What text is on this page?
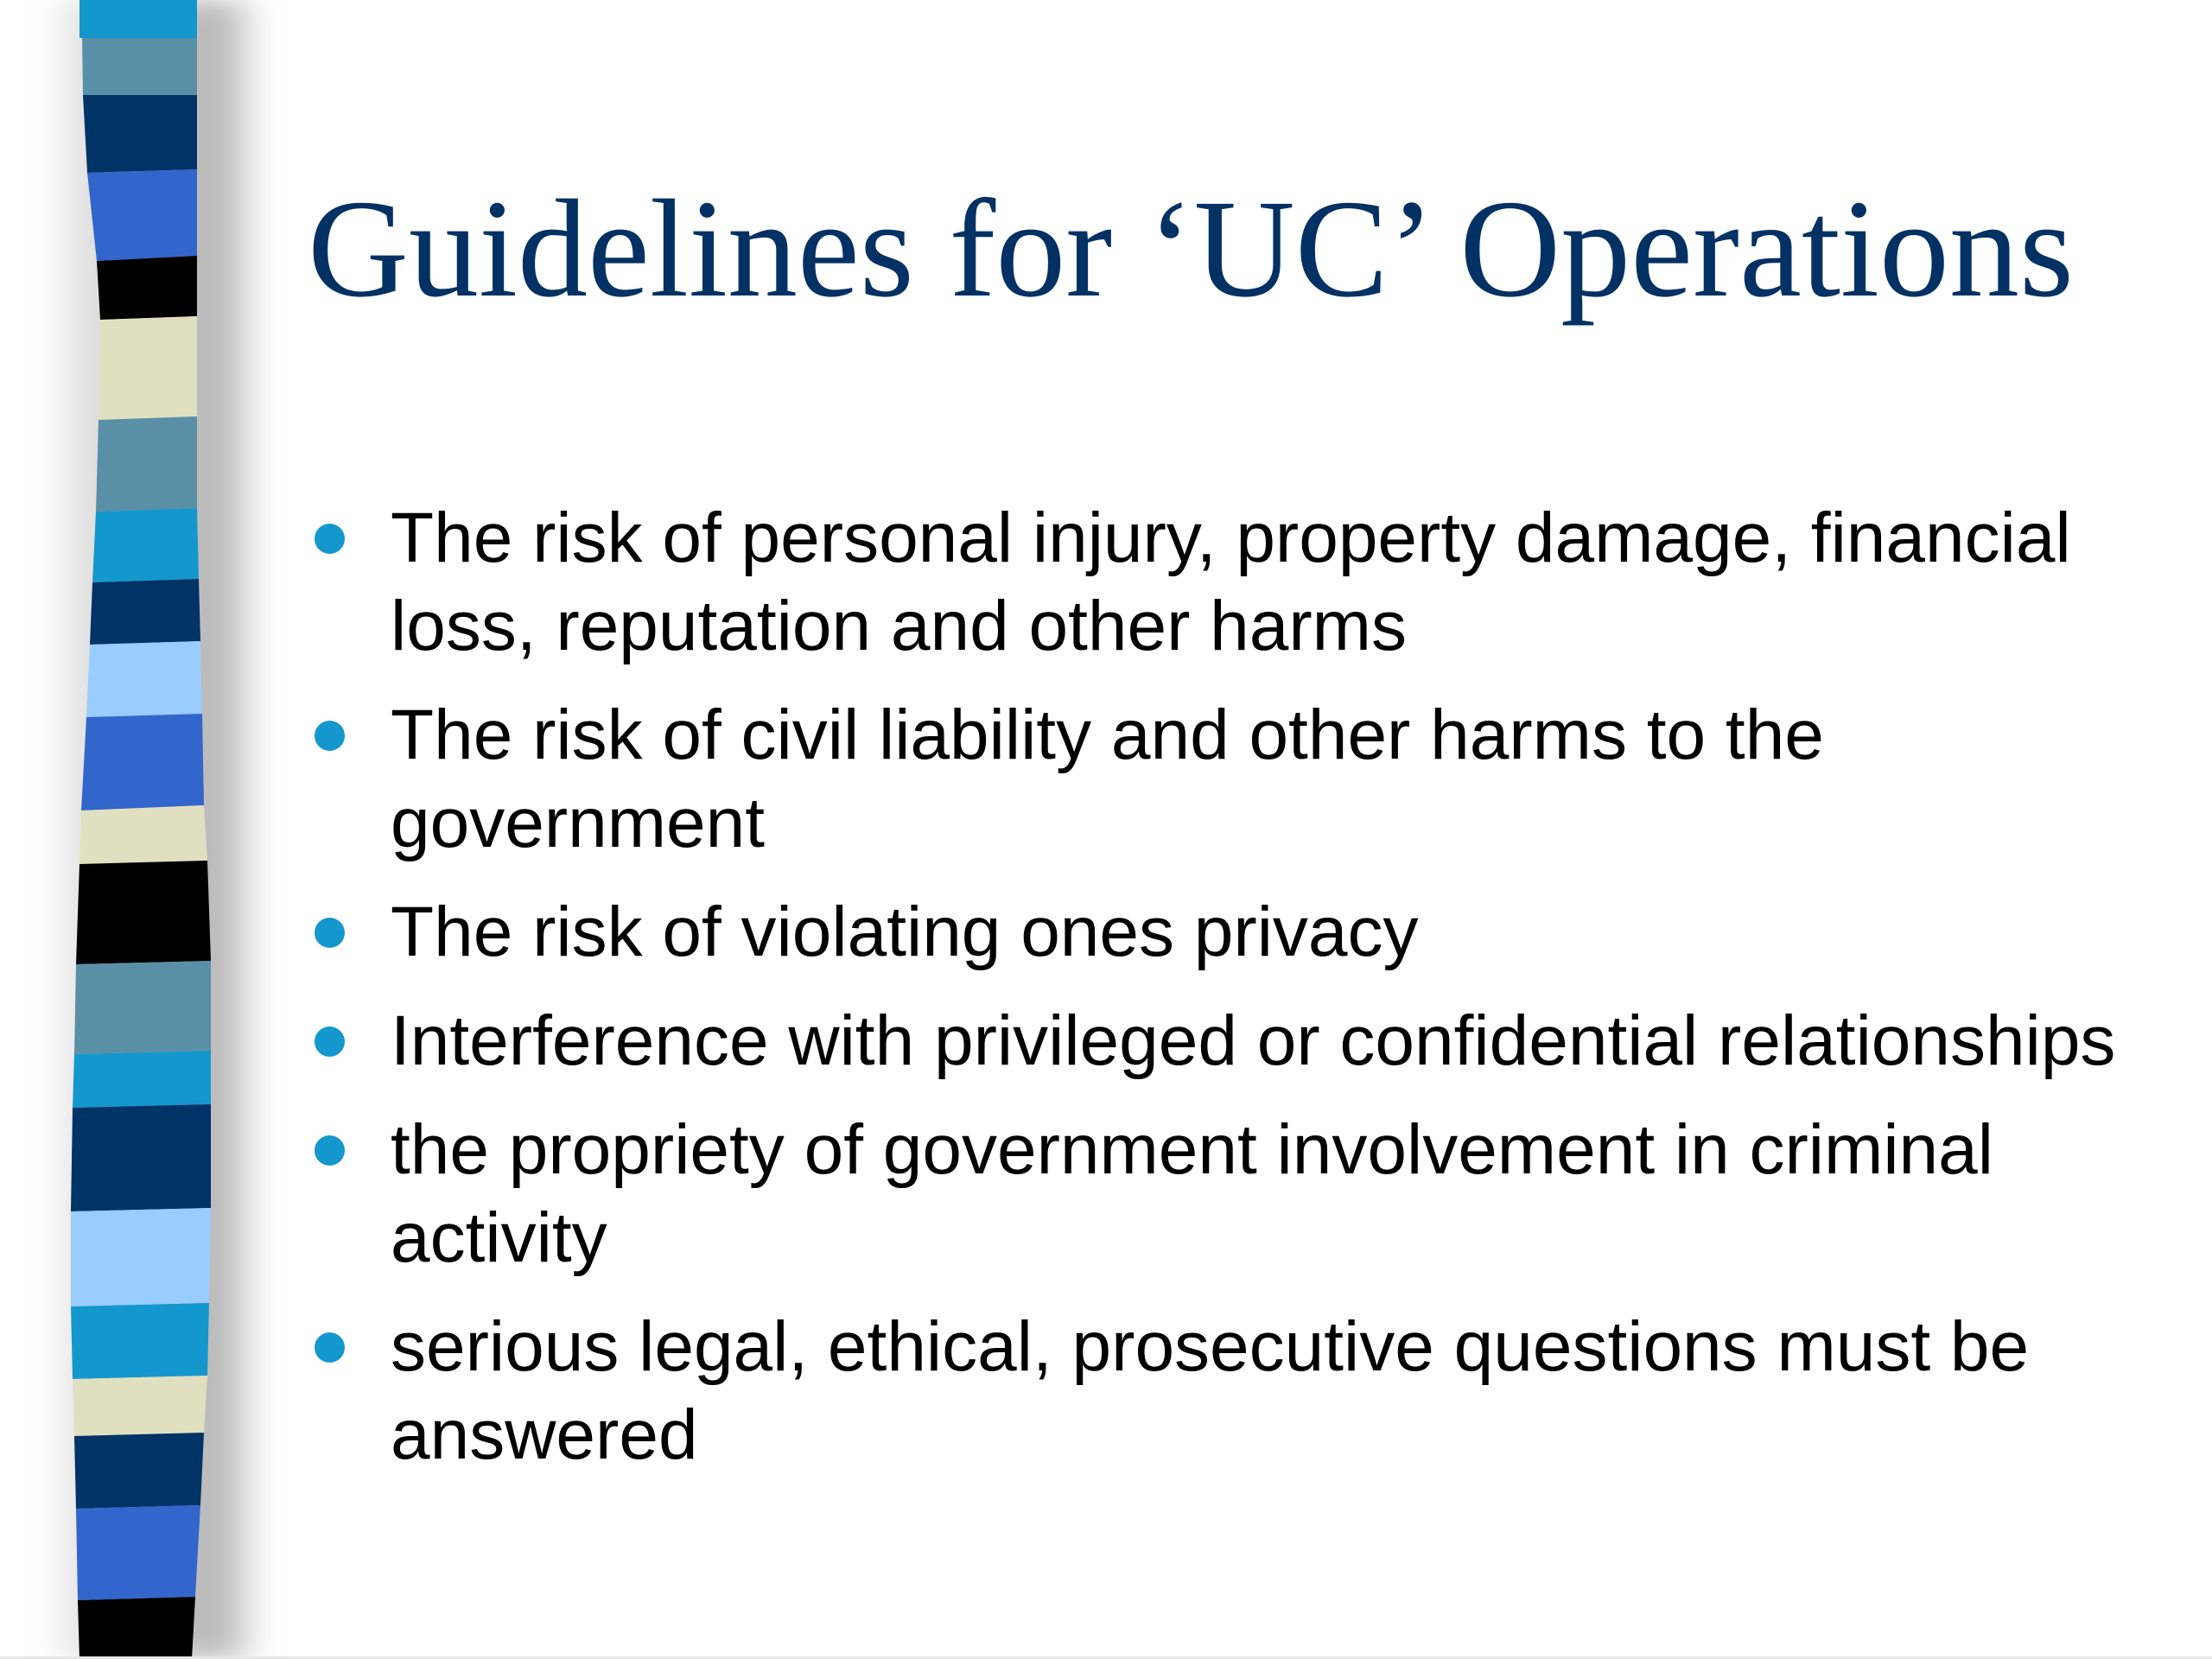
Guidelines for ‘UC’ Operations
The risk of personal injury, property damage, financial loss, reputation and other harms
The risk of civil liability and other harms to the government
The risk of violating ones privacy
Interference with privileged or confidential relationships
the propriety of government involvement in criminal activity
serious legal, ethical, prosecutive questions must be answered
